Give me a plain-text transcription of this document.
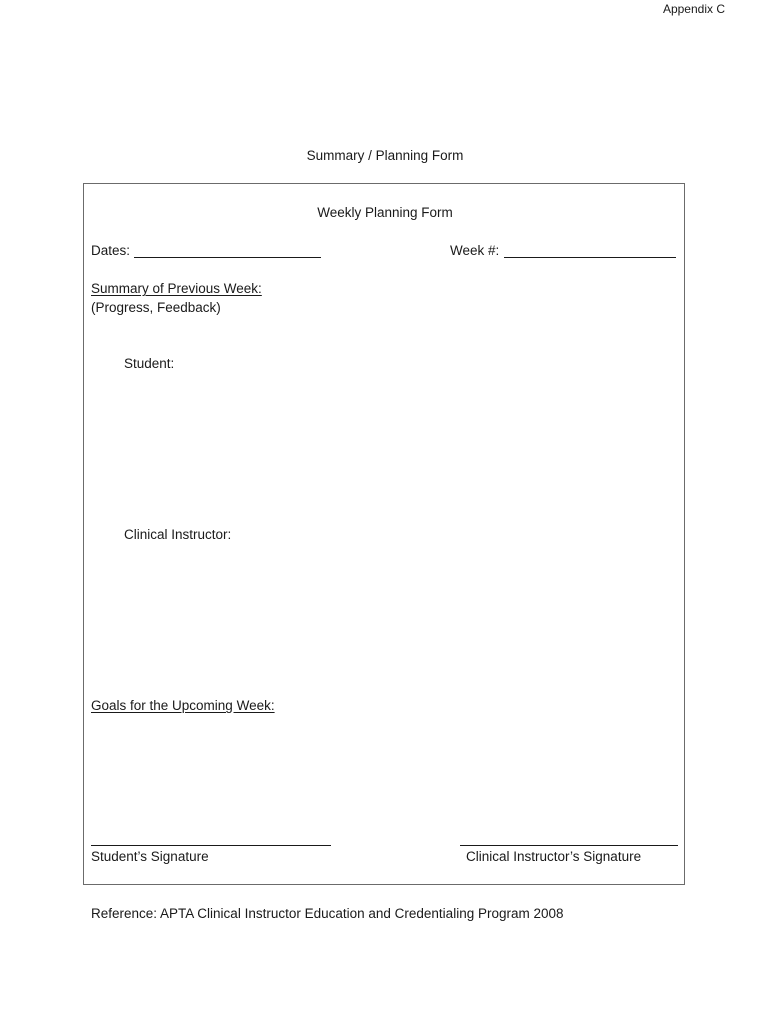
Appendix C
Summary / Planning Form
Weekly Planning Form
Dates:	Week #:
Summary of Previous Week:
(Progress, Feedback)
Student:
Clinical Instructor:
Goals for the Upcoming Week:
Student’s Signature	Clinical Instructor’s Signature
Reference: APTA Clinical Instructor Education and Credentialing Program 2008
